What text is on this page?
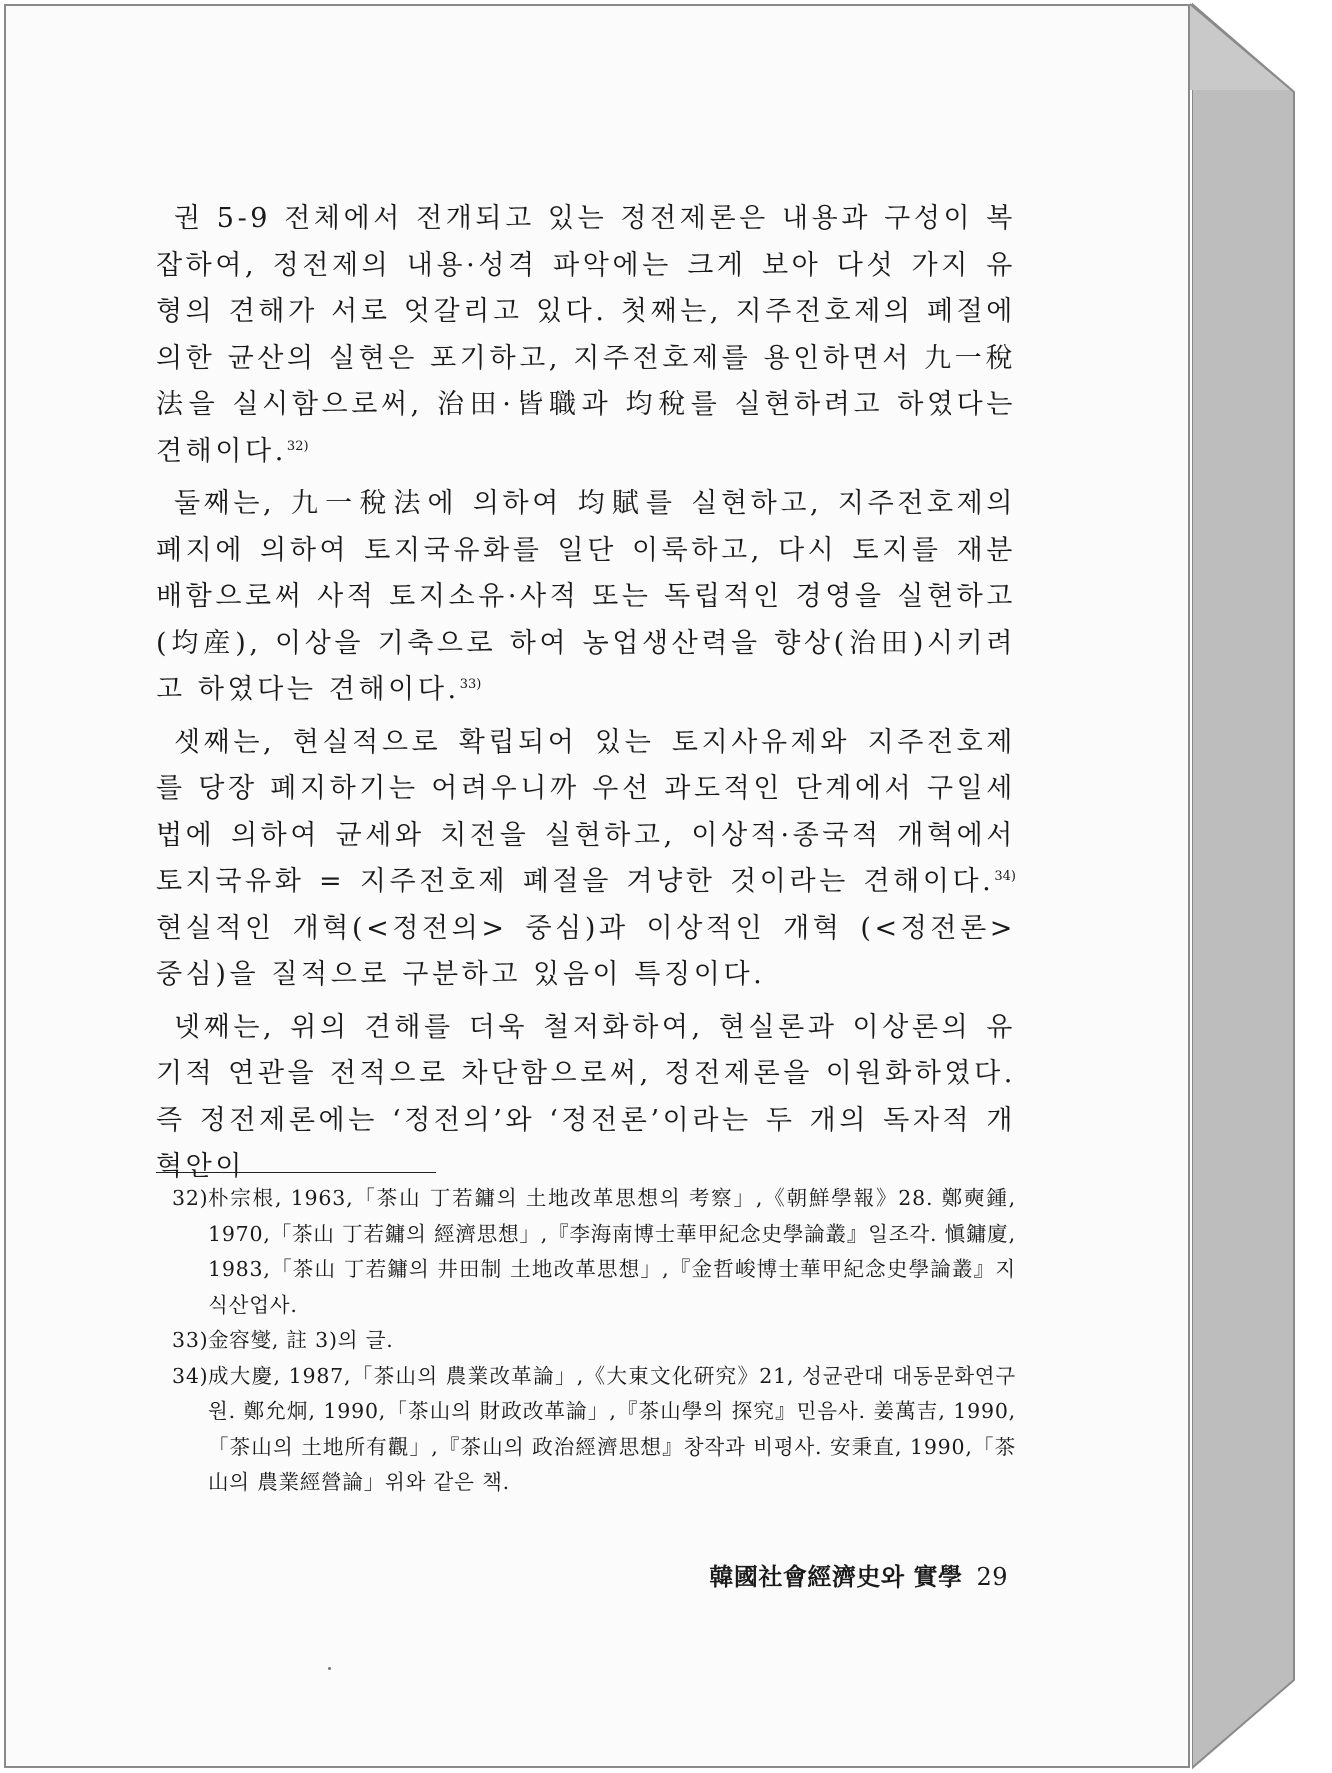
권 5-9 전체에서 전개되고 있는 정전제론은 내용과 구성이 복잡하여, 정전제의 내용·성격 파악에는 크게 보아 다섯 가지 유형의 견해가 서로 엇갈리고 있다. 첫째는, 지주전호제의 폐절에 의한 균산의 실현은 포기하고, 지주전호제를 용인하면서 九一稅法을 실시함으로써, 治田·皆職과 均稅를 실현하려고 하였다는 견해이다.$^{32)}$

둘째는, 九一稅法에 의하여 均賦를 실현하고, 지주전호제의 폐지에 의하여 토지국유화를 일단 이룩하고, 다시 토지를 재분배함으로써 사적 토지소유·사적 또는 독립적인 경영을 실현하고(均産), 이상을 기축으로 하여 농업생산력을 향상(治田)시키려고 하였다는 견해이다.$^{33)}$

셋째는, 현실적으로 확립되어 있는 토지사유제와 지주전호제를 당장 폐지하기는 어려우니까 우선 과도적인 단계에서 구일세법에 의하여 균세와 치전을 실현하고, 이상적·종국적 개혁에서 토지국유화 = 지주전호제 폐절을 겨냥한 것이라는 견해이다.$^{34)}$ 현실적인 개혁(<정전의> 중심)과 이상적인 개혁 (<정전론> 중심)을 질적으로 구분하고 있음이 특징이다.

넷째는, 위의 견해를 더욱 철저화하여, 현실론과 이상론의 유기적 연관을 전적으로 차단함으로써, 정전제론을 이원화하였다. 즉 정전제론에는 ‘정전의’와 ‘정전론’이라는 두 개의 독자적 개혁안이

32) 朴宗根, 1963,「茶山 丁若鏞의 土地改革思想의 考察」,《朝鮮學報》28. 鄭奭鍾, 1970,「茶山 丁若鏞의 經濟思想」,『李海南博士華甲紀念史學論叢』일조각. 愼鏞廈, 1983,「茶山 丁若鏞의 井田制 土地改革思想」,『金哲峻博士華甲紀念史學論叢』지식산업사.
33) 金容燮, 註 3)의 글.
34) 成大慶, 1987,「茶山의 農業改革論」,《大東文化硏究》21, 성균관대 대동문화연구원. 鄭允炯, 1990,「茶山의 財政改革論」,『茶山學의 探究』민음사. 姜萬吉, 1990,「茶山의 土地所有觀」,『茶山의 政治經濟思想』창작과 비평사. 安秉直, 1990,「茶山의 農業經營論」위와 같은 책.
韓國社會經濟史와 實學 29
